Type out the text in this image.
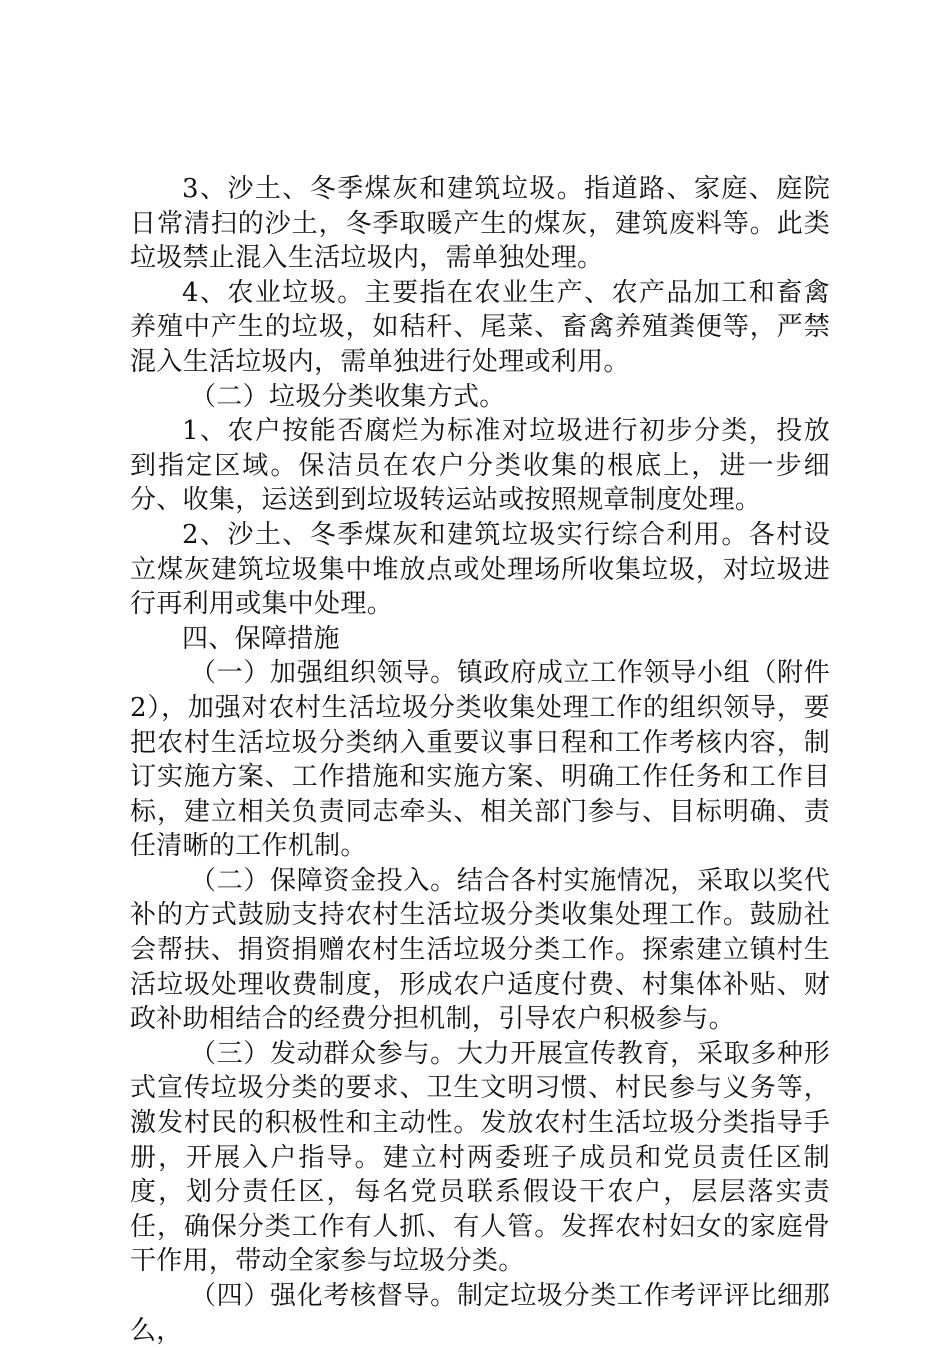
3、沙土、冬季煤灰和建筑垃圾。指道路、家庭、庭院日常清扫的沙土，冬季取暖产生的煤灰，建筑废料等。此类垃圾禁止混入生活垃圾内，需单独处理。

4、农业垃圾。主要指在农业生产、农产品加工和畜禽养殖中产生的垃圾，如秸秆、尾菜、畜禽养殖粪便等，严禁混入生活垃圾内，需单独进行处理或利用。

（二）垃圾分类收集方式。

1、农户按能否腐烂为标准对垃圾进行初步分类，投放到指定区域。保洁员在农户分类收集的根底上，进一步细分、收集，运送到到垃圾转运站或按照规章制度处理。

2、沙土、冬季煤灰和建筑垃圾实行综合利用。各村设立煤灰建筑垃圾集中堆放点或处理场所收集垃圾，对垃圾进行再利用或集中处理。

四、保障措施

（一）加强组织领导。镇政府成立工作领导小组（附件2），加强对农村生活垃圾分类收集处理工作的组织领导，要把农村生活垃圾分类纳入重要议事日程和工作考核内容，制订实施方案、工作措施和实施方案、明确工作任务和工作目标，建立相关负责同志牵头、相关部门参与、目标明确、责任清晰的工作机制。

（二）保障资金投入。结合各村实施情况，采取以奖代补的方式鼓励支持农村生活垃圾分类收集处理工作。鼓励社会帮扶、捐资捐赠农村生活垃圾分类工作。探索建立镇村生活垃圾处理收费制度，形成农户适度付费、村集体补贴、财政补助相结合的经费分担机制，引导农户积极参与。

（三）发动群众参与。大力开展宣传教育，采取多种形式宣传垃圾分类的要求、卫生文明习惯、村民参与义务等，激发村民的积极性和主动性。发放农村生活垃圾分类指导手册，开展入户指导。建立村两委班子成员和党员责任区制度，划分责任区，每名党员联系假设干农户，层层落实责任，确保分类工作有人抓、有人管。发挥农村妇女的家庭骨干作用，带动全家参与垃圾分类。

（四）强化考核督导。制定垃圾分类工作考评评比细那么，
